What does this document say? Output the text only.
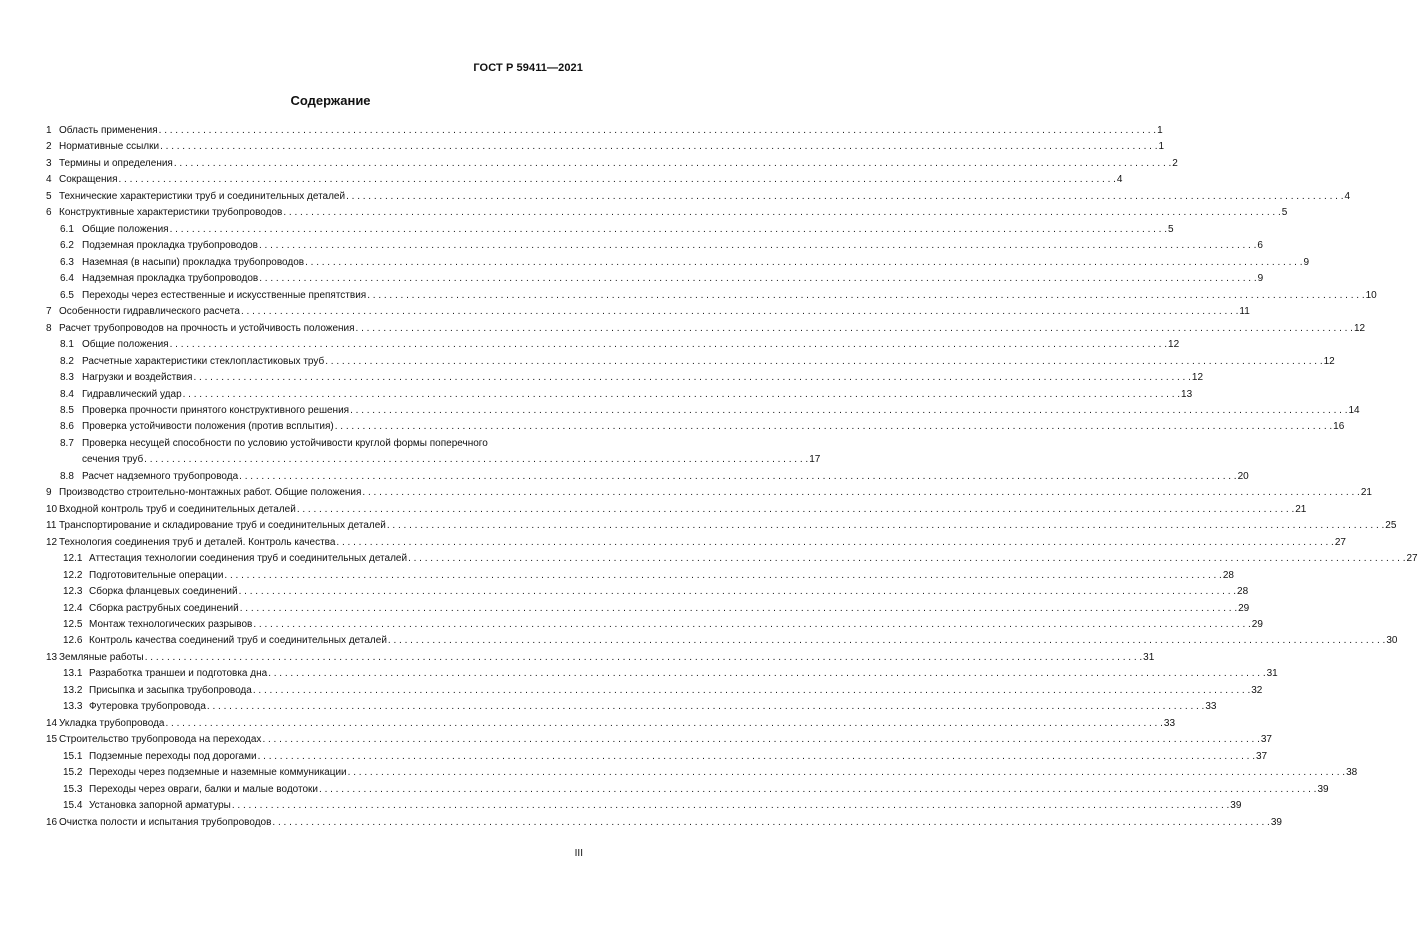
ГОСТ Р 59411—2021
Содержание
1 Область применения . . .	1
2 Нормативные ссылки . . .	1
3 Термины и определения . . .	2
4 Сокращения . . .	4
5 Технические характеристики труб и соединительных деталей . . .	4
6 Конструктивные характеристики трубопроводов . . .	5
6.1 Общие положения . . .	5
6.2 Подземная прокладка трубопроводов . . .	6
6.3 Наземная (в насыпи) прокладка трубопроводов . . .	9
6.4 Надземная прокладка трубопроводов . . .	9
6.5 Переходы через естественные и искусственные препятствия . . .	10
7 Особенности гидравлического расчета . . .	11
8 Расчет трубопроводов на прочность и устойчивость положения . . .	12
8.1 Общие положения . . .	12
8.2 Расчетные характеристики стеклопластиковых труб . . .	12
8.3 Нагрузки и воздействия . . .	12
8.4 Гидравлический удар . . .	13
8.5 Проверка прочности принятого конструктивного решения . . .	14
8.6 Проверка устойчивости положения (против всплытия) . . .	16
8.7 Проверка несущей способности по условию устойчивости круглой формы поперечного
сечения труб . . .	17
8.8 Расчет надземного трубопровода . . .	20
9 Производство строительно-монтажных работ. Общие положения . . .	21
10 Входной контроль труб и соединительных деталей . . .	21
11 Транспортирование и складирование труб и соединительных деталей . . .	25
12 Технология соединения труб и деталей. Контроль качества . . .	27
12.1 Аттестация технологии соединения труб и соединительных деталей . . .	27
12.2 Подготовительные операции . . .	28
12.3 Сборка фланцевых соединений . . .	28
12.4 Сборка раструбных соединений . . .	29
12.5 Монтаж технологических разрывов . . .	29
12.6 Контроль качества соединений труб и соединительных деталей . . .	30
13 Земляные работы . . .	31
13.1 Разработка траншеи и подготовка дна . . .	31
13.2 Присыпка и засыпка трубопровода . . .	32
13.3 Футеровка трубопровода . . .	33
14 Укладка трубопровода . . .	33
15 Строительство трубопровода на переходах . . .	37
15.1 Подземные переходы под дорогами . . .	37
15.2 Переходы через подземные и наземные коммуникации . . .	38
15.3 Переходы через овраги, балки и малые водотоки . . .	39
15.4 Установка запорной арматуры . . .	39
16 Очистка полости и испытания трубопроводов . . .	39
III
